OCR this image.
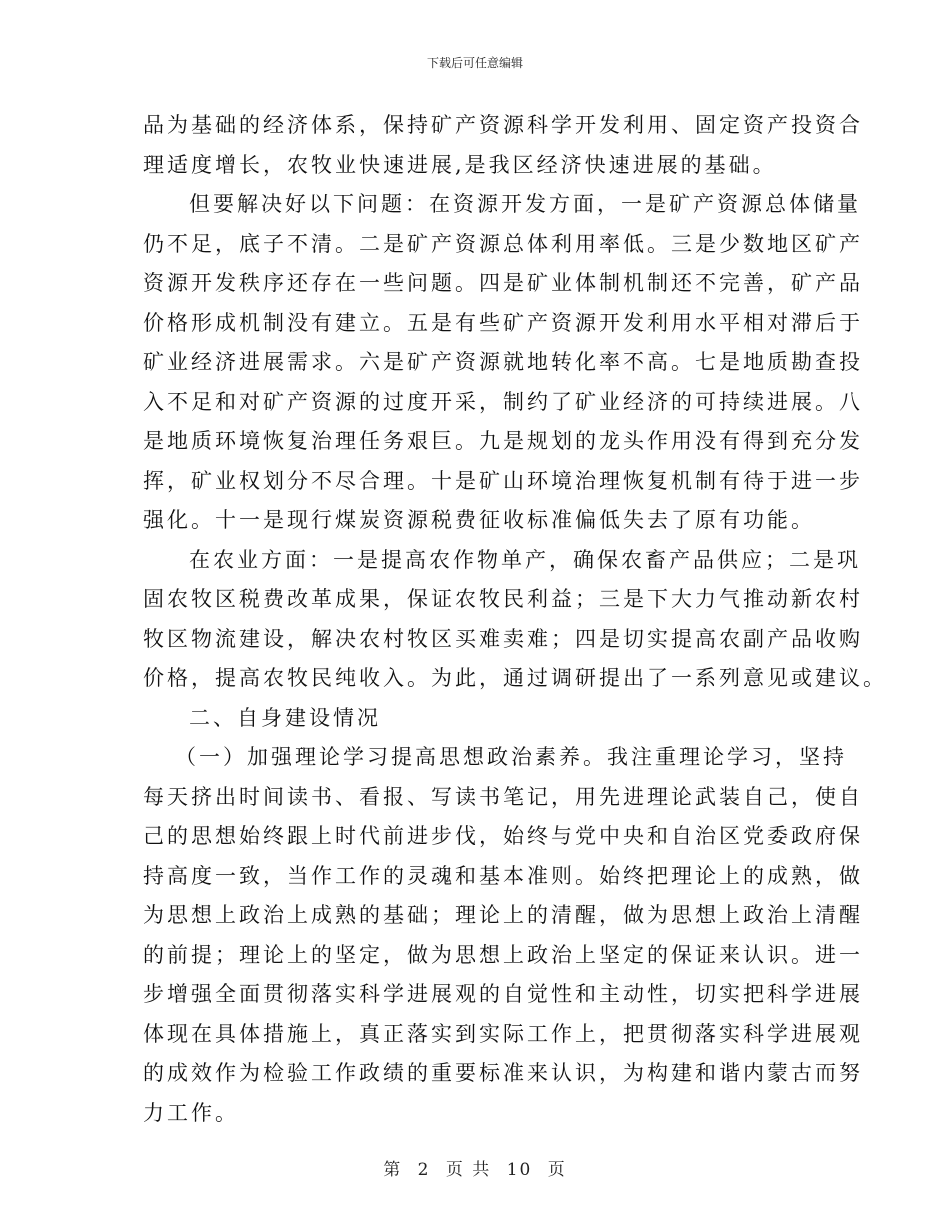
下载后可任意编辑
品为基础的经济体系，保持矿产资源科学开发利用、固定资产投资合
理适度增长，农牧业快速进展,是我区经济快速进展的基础。
但要解决好以下问题：在资源开发方面，一是矿产资源总体储量
仍不足，底子不清。二是矿产资源总体利用率低。三是少数地区矿产
资源开发秩序还存在一些问题。四是矿业体制机制还不完善，矿产品
价格形成机制没有建立。五是有些矿产资源开发利用水平相对滞后于
矿业经济进展需求。六是矿产资源就地转化率不高。七是地质勘查投
入不足和对矿产资源的过度开采，制约了矿业经济的可持续进展。八
是地质环境恢复治理任务艰巨。九是规划的龙头作用没有得到充分发
挥，矿业权划分不尽合理。十是矿山环境治理恢复机制有待于进一步
强化。十一是现行煤炭资源税费征收标准偏低失去了原有功能。
在农业方面：一是提高农作物单产，确保农畜产品供应；二是巩
固农牧区税费改革成果，保证农牧民利益；三是下大力气推动新农村
牧区物流建设，解决农村牧区买难卖难；四是切实提高农副产品收购
价格，提高农牧民纯收入。为此，通过调研提出了一系列意见或建议。
二、自身建设情况
（一）加强理论学习提高思想政治素养。我注重理论学习，坚持
每天挤出时间读书、看报、写读书笔记，用先进理论武装自己，使自
己的思想始终跟上时代前进步伐，始终与党中央和自治区党委政府保
持高度一致，当作工作的灵魂和基本准则。始终把理论上的成熟，做
为思想上政治上成熟的基础；理论上的清醒，做为思想上政治上清醒
的前提；理论上的坚定，做为思想上政治上坚定的保证来认识。进一
步增强全面贯彻落实科学进展观的自觉性和主动性，切实把科学进展
体现在具体措施上，真正落实到实际工作上，把贯彻落实科学进展观
的成效作为检验工作政绩的重要标准来认识，为构建和谐内蒙古而努
力工作。
第 2 页 共 10 页
